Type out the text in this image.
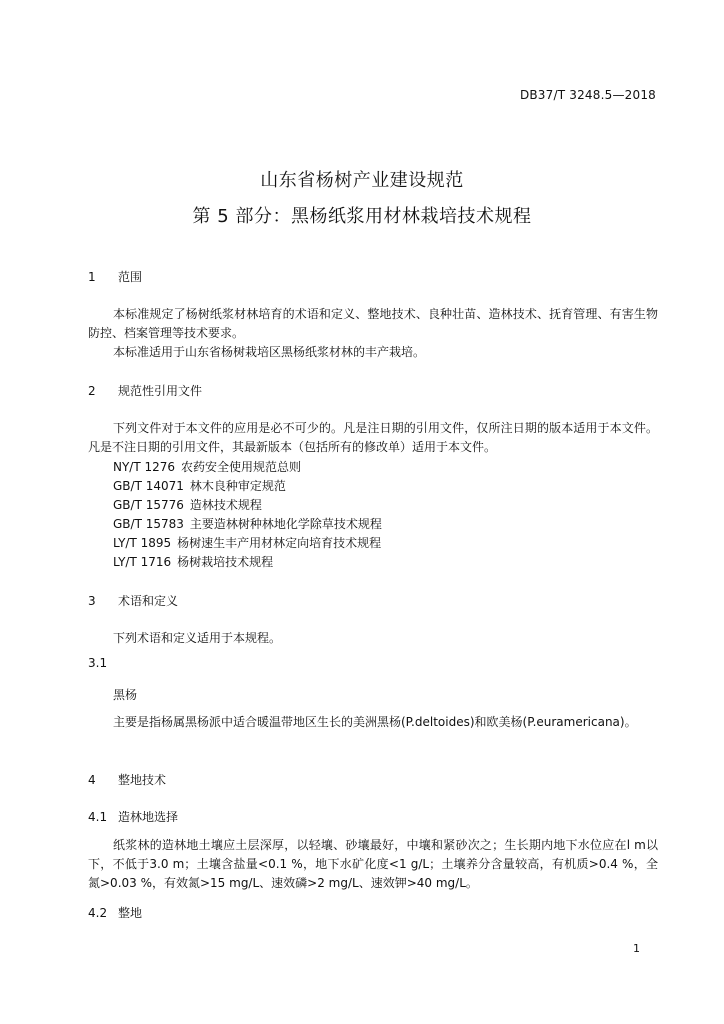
DB37/T 3248.5—2018
山东省杨树产业建设规范
第 5 部分：黑杨纸浆用材林栽培技术规程
1 范围
本标准规定了杨树纸浆材林培育的术语和定义、整地技术、良种壮苗、造林技术、抚育管理、有害生物防控、档案管理等技术要求。
本标准适用于山东省杨树栽培区黑杨纸浆材林的丰产栽培。
2 规范性引用文件
下列文件对于本文件的应用是必不可少的。凡是注日期的引用文件，仅所注日期的版本适用于本文件。凡是不注日期的引用文件，其最新版本（包括所有的修改单）适用于本文件。
NY/T 1276 农药安全使用规范总则
GB/T 14071 林木良种审定规范
GB/T 15776 造林技术规程
GB/T 15783 主要造林树种林地化学除草技术规程
LY/T 1895 杨树速生丰产用材林定向培育技术规程
LY/T 1716 杨树栽培技术规程
3 术语和定义
下列术语和定义适用于本规程。
3.1
黑杨
主要是指杨属黑杨派中适合暖温带地区生长的美洲黑杨(P.deltoides)和欧美杨(P.euramericana)。
4 整地技术
4.1 造林地选择
纸浆林的造林地土壤应土层深厚，以轻壤、砂壤最好，中壤和紧砂次之；生长期内地下水位应在l m以下，不低于3.0 m；土壤含盐量<0.1 %，地下水矿化度<1 g/L；土壤养分含量较高，有机质>0.4 %，全氮>0.03 %，有效氮>15 mg/L、速效磷>2 mg/L、速效钾>40 mg/L。
4.2 整地
1
